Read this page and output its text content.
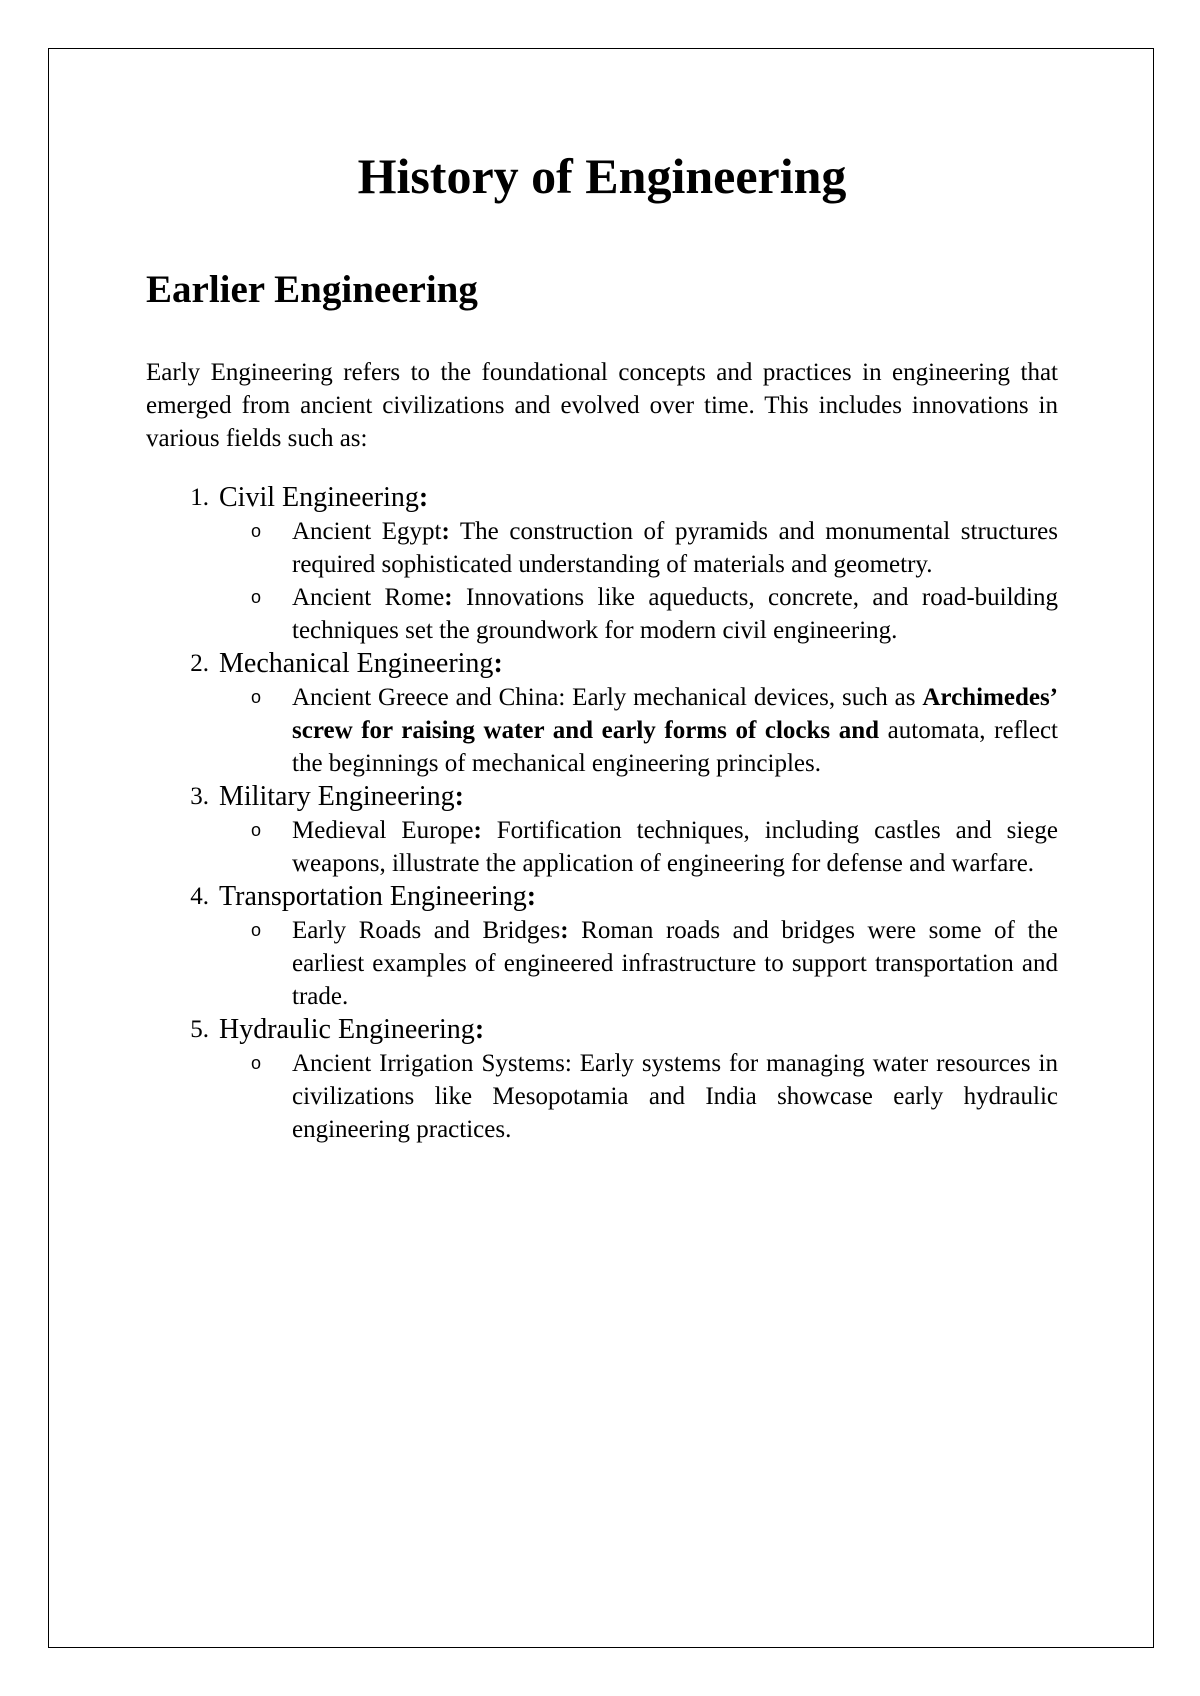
History of Engineering
Earlier Engineering

Early Engineering refers to the foundational concepts and practices in engineering that emerged from ancient civilizations and evolved over time. This includes innovations in various fields such as:

1. Civil Engineering:
o Ancient Egypt: The construction of pyramids and monumental structures required sophisticated understanding of materials and geometry.
o Ancient Rome: Innovations like aqueducts, concrete, and road-building techniques set the groundwork for modern civil engineering.
2. Mechanical Engineering:
o Ancient Greece and China: Early mechanical devices, such as Archimedes’ screw for raising water and early forms of clocks and automata, reflect the beginnings of mechanical engineering principles.
3. Military Engineering:
o Medieval Europe: Fortification techniques, including castles and siege weapons, illustrate the application of engineering for defense and warfare.
4. Transportation Engineering:
o Early Roads and Bridges: Roman roads and bridges were some of the earliest examples of engineered infrastructure to support transportation and trade.
5. Hydraulic Engineering:
o Ancient Irrigation Systems: Early systems for managing water resources in civilizations like Mesopotamia and India showcase early hydraulic engineering practices.
